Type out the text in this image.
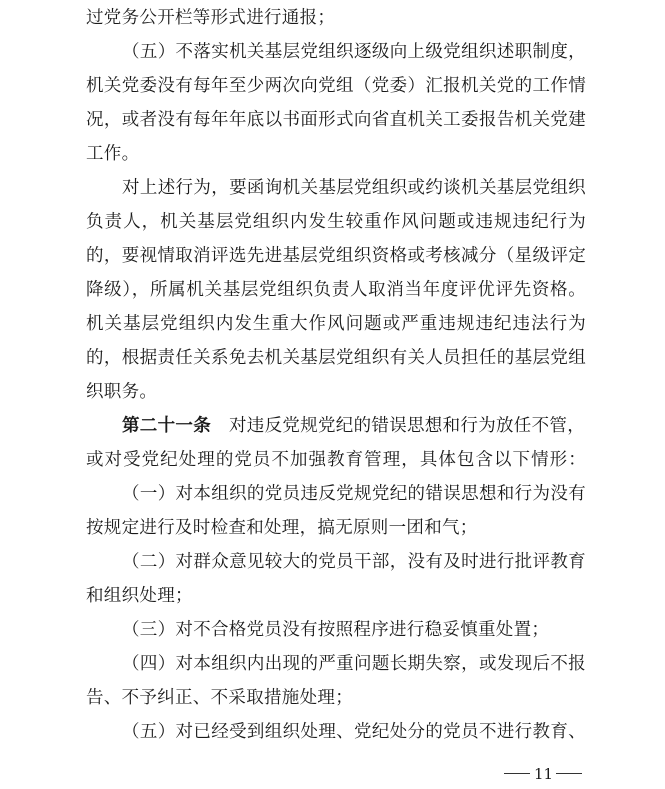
过党务公开栏等形式进行通报；
（五）不落实机关基层党组织逐级向上级党组织述职制度，
机关党委没有每年至少两次向党组（党委）汇报机关党的工作情
况，或者没有每年年底以书面形式向省直机关工委报告机关党建
工作。
对上述行为，要函询机关基层党组织或约谈机关基层党组织
负责人，机关基层党组织内发生较重作风问题或违规违纪行为
的，要视情取消评选先进基层党组织资格或考核减分（星级评定
降级），所属机关基层党组织负责人取消当年度评优评先资格。
机关基层党组织内发生重大作风问题或严重违规违纪违法行为
的，根据责任关系免去机关基层党组织有关人员担任的基层党组
织职务。
第二十一条 对违反党规党纪的错误思想和行为放任不管，
或对受党纪处理的党员不加强教育管理，具体包含以下情形：
（一）对本组织的党员违反党规党纪的错误思想和行为没有
按规定进行及时检查和处理，搞无原则一团和气；
（二）对群众意见较大的党员干部，没有及时进行批评教育
和组织处理；
（三）对不合格党员没有按照程序进行稳妥慎重处置；
（四）对本组织内出现的严重问题长期失察，或发现后不报
告、不予纠正、不采取措施处理；
（五）对已经受到组织处理、党纪处分的党员不进行教育、
11
